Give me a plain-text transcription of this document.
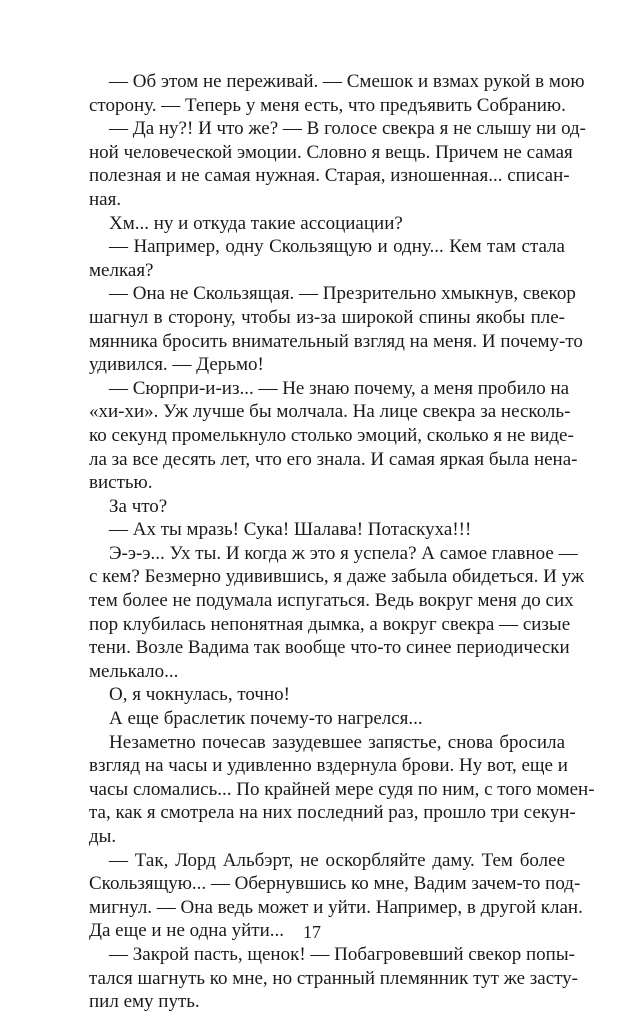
— Об этом не переживай. — Смешок и взмах рукой в мою
сторону. — Теперь у меня есть, что предъявить Собранию.
— Да ну?! И что же? — В голосе свекра я не слышу ни од-
ной человеческой эмоции. Словно я вещь. Причем не самая
полезная и не самая нужная. Старая, изношенная... списан-
ная.
Хм... ну и откуда такие ассоциации?
— Например, одну Скользящую и одну... Кем там стала
мелкая?
— Она не Скользящая. — Презрительно хмыкнув, свекор
шагнул в сторону, чтобы из-за широкой спины якобы пле-
мянника бросить внимательный взгляд на меня. И почему-то
удивился. — Дерьмо!
— Сюрпри-и-из... — Не знаю почему, а меня пробило на
«хи-хи». Уж лучше бы молчала. На лице свекра за несколь-
ко секунд промелькнуло столько эмоций, сколько я не виде-
ла за все десять лет, что его знала. И самая яркая была нена-
вистью.
За что?
— Ах ты мразь! Сука! Шалава! Потаскуха!!!
Э-э-э... Ух ты. И когда ж это я успела? А самое главное —
с кем? Безмерно удивившись, я даже забыла обидеться. И уж
тем более не подумала испугаться. Ведь вокруг меня до сих
пор клубилась непонятная дымка, а вокруг свекра — сизые
тени. Возле Вадима так вообще что-то синее периодически
мелькало...
О, я чокнулась, точно!
А еще браслетик почему-то нагрелся...
Незаметно почесав зазудевшее запястье, снова бросила
взгляд на часы и удивленно вздернула брови. Ну вот, еще и
часы сломались... По крайней мере судя по ним, с того момен-
та, как я смотрела на них последний раз, прошло три секун-
ды.
— Так, Лорд Альбэрт, не оскорбляйте даму. Тем более
Скользящую... — Обернувшись ко мне, Вадим зачем-то под-
мигнул. — Она ведь может и уйти. Например, в другой клан.
Да еще и не одна уйти...
— Закрой пасть, щенок! — Побагровевший свекор попы-
тался шагнуть ко мне, но странный племянник тут же засту-
пил ему путь.
17
